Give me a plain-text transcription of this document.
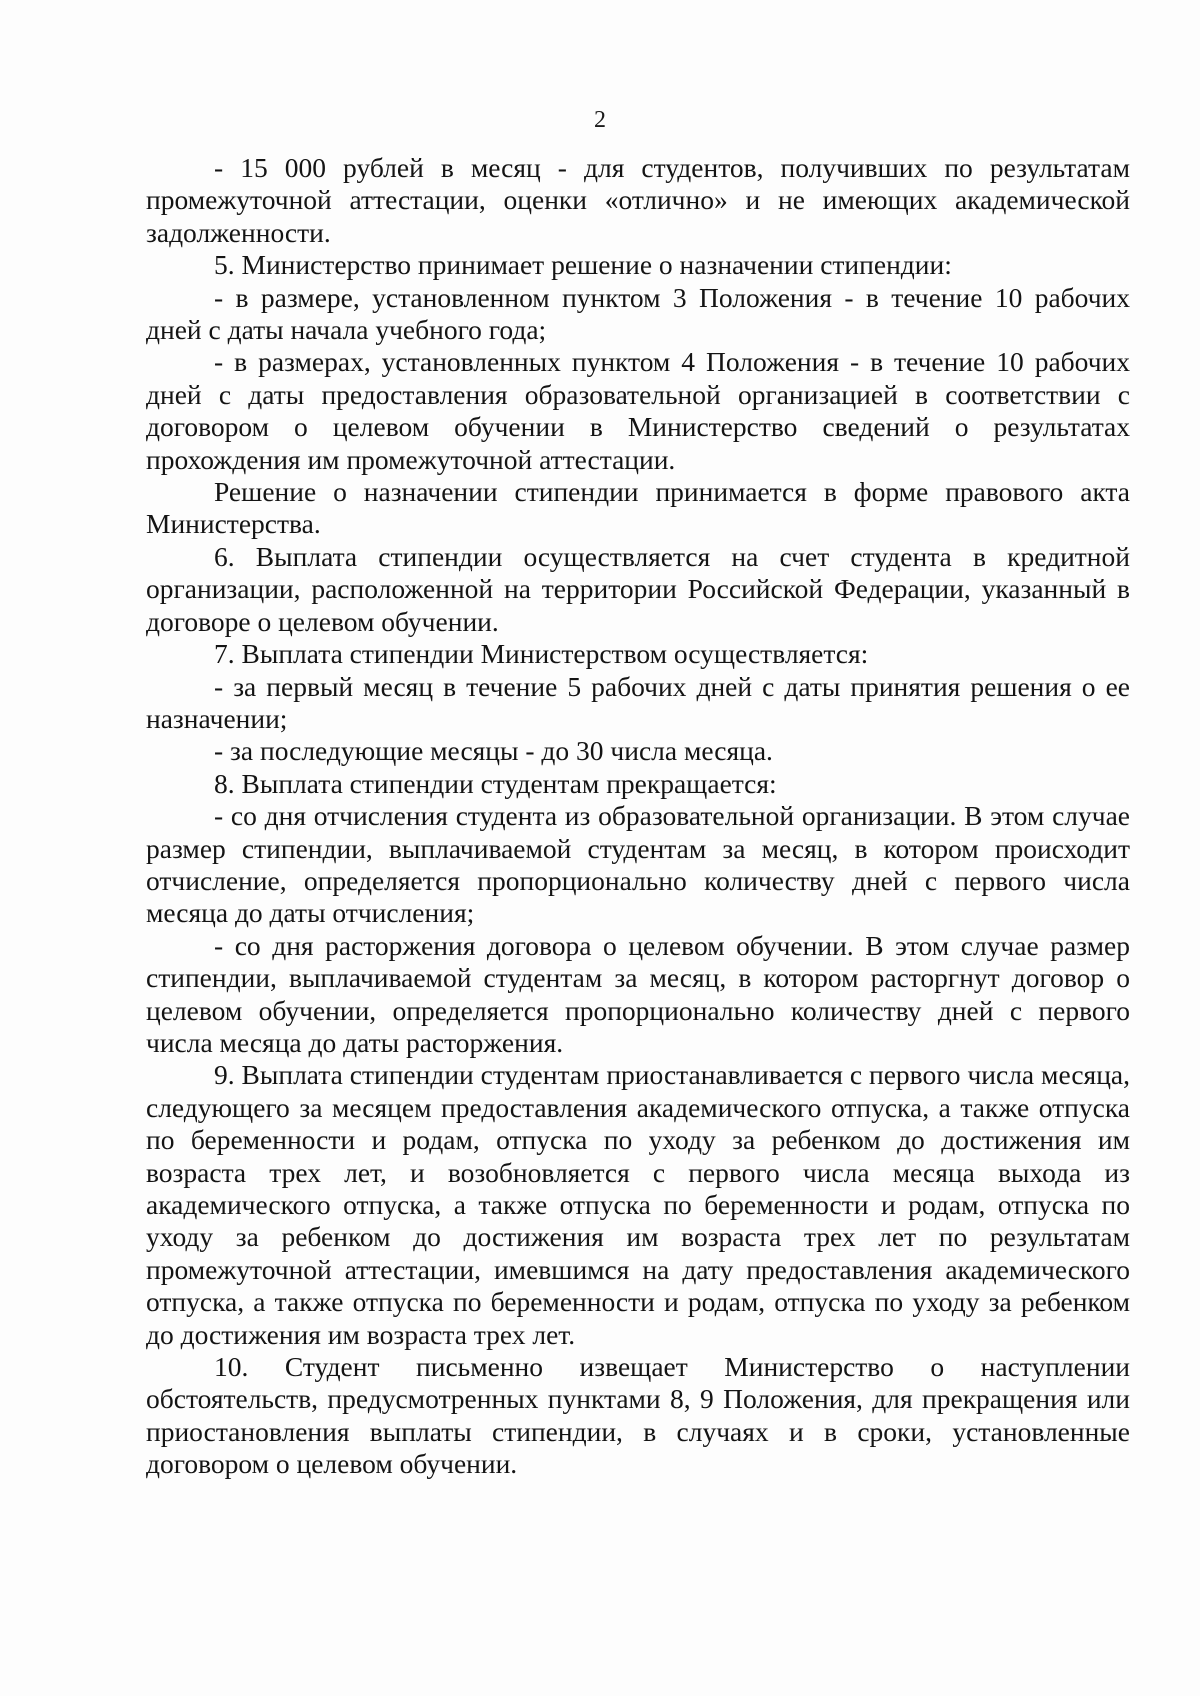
2

- 15 000 рублей в месяц - для студентов, получивших по результатам промежуточной аттестации, оценки «отлично» и не имеющих академической задолженности.

5. Министерство принимает решение о назначении стипендии:

- в размере, установленном пунктом 3 Положения - в течение 10 рабочих дней с даты начала учебного года;

- в размерах, установленных пунктом 4 Положения - в течение 10 рабочих дней с даты предоставления образовательной организацией в соответствии с договором о целевом обучении в Министерство сведений о результатах прохождения им промежуточной аттестации.

Решение о назначении стипендии принимается в форме правового акта Министерства.

6. Выплата стипендии осуществляется на счет студента в кредитной организации, расположенной на территории Российской Федерации, указанный в договоре о целевом обучении.

7. Выплата стипендии Министерством осуществляется:

- за первый месяц в течение 5 рабочих дней с даты принятия решения о ее назначении;

- за последующие месяцы - до 30 числа месяца.

8. Выплата стипендии студентам прекращается:

- со дня отчисления студента из образовательной организации. В этом случае размер стипендии, выплачиваемой студентам за месяц, в котором происходит отчисление, определяется пропорционально количеству дней с первого числа месяца до даты отчисления;

- со дня расторжения договора о целевом обучении. В этом случае размер стипендии, выплачиваемой студентам за месяц, в котором расторгнут договор о целевом обучении, определяется пропорционально количеству дней с первого числа месяца до даты расторжения.

9. Выплата стипендии студентам приостанавливается с первого числа месяца, следующего за месяцем предоставления академического отпуска, а также отпуска по беременности и родам, отпуска по уходу за ребенком до достижения им возраста трех лет, и возобновляется с первого числа месяца выхода из академического отпуска, а также отпуска по беременности и родам, отпуска по уходу за ребенком до достижения им возраста трех лет по результатам промежуточной аттестации, имевшимся на дату предоставления академического отпуска, а также отпуска по беременности и родам, отпуска по уходу за ребенком до достижения им возраста трех лет.

10. Студент письменно извещает Министерство о наступлении обстоятельств, предусмотренных пунктами 8, 9 Положения, для прекращения или приостановления выплаты стипендии, в случаях и в сроки, установленные договором о целевом обучении.
